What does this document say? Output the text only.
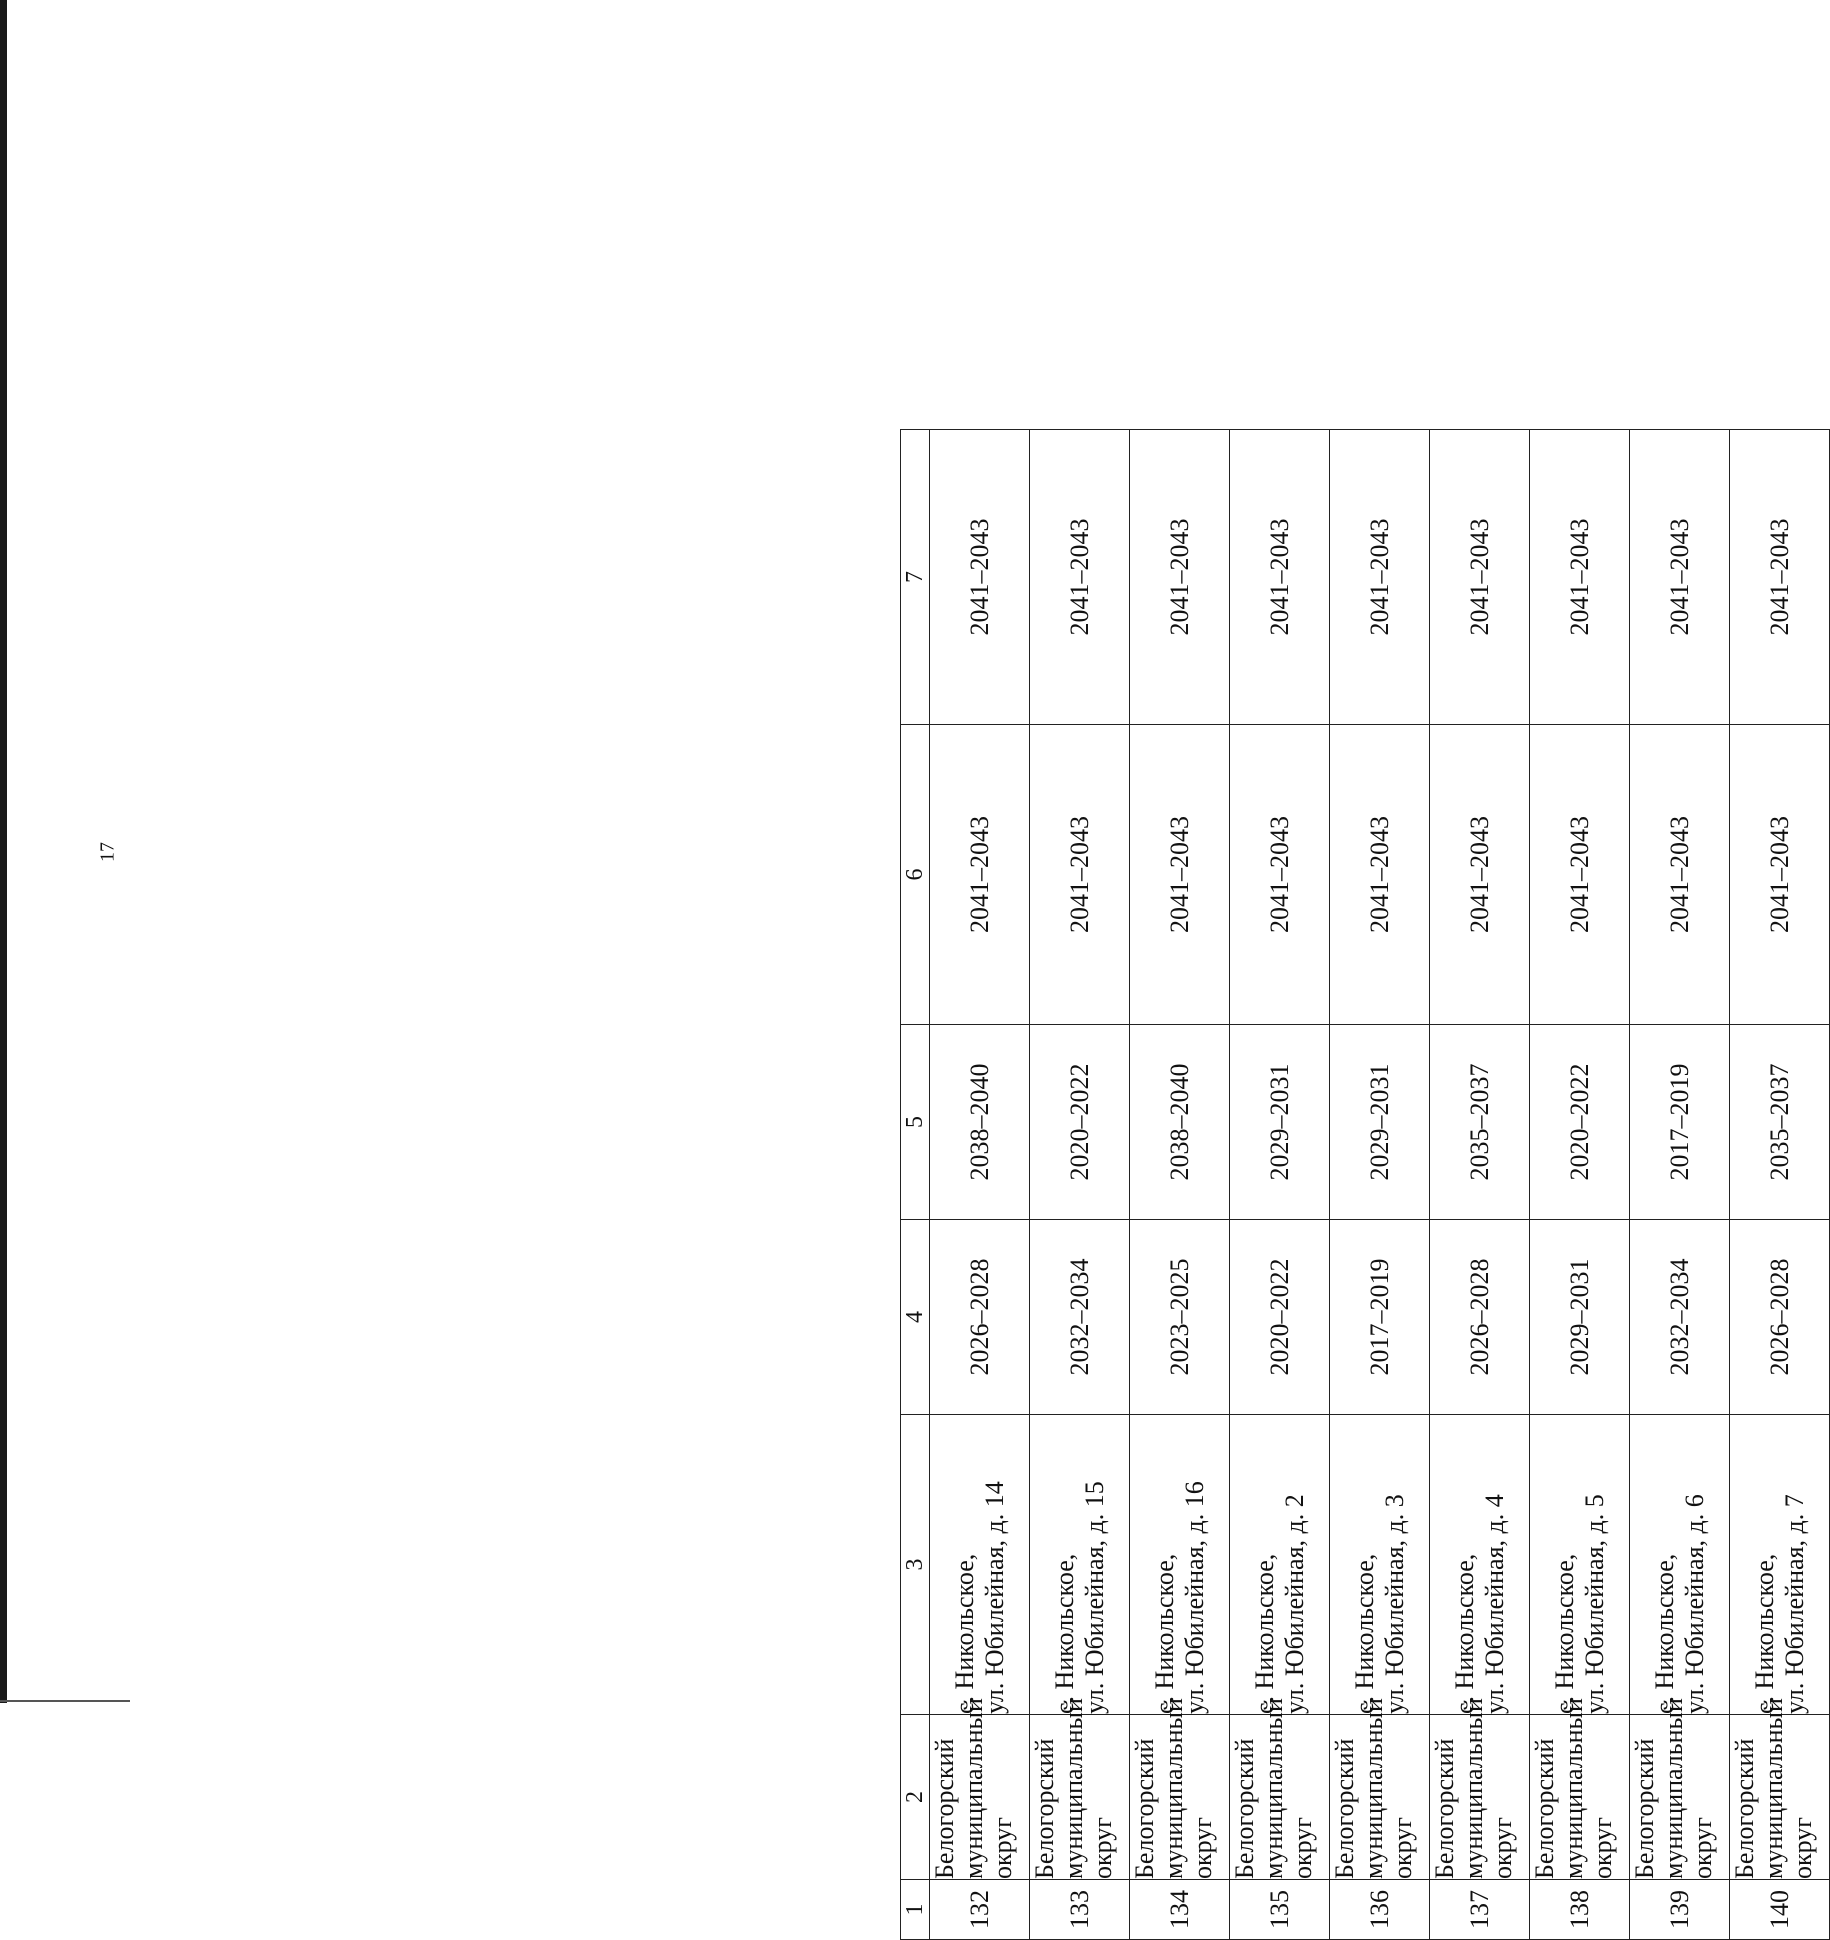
17
1	2	3	4	5	6	7
132	Белогорский муниципальный округ	с. Никольское, ул. Юбилейная, д. 14	2026–2028	2038–2040	2041–2043	2041–2043
133	Белогорский муниципальный округ	с. Никольское, ул. Юбилейная, д. 15	2032–2034	2020–2022	2041–2043	2041–2043
134	Белогорский муниципальный округ	с. Никольское, ул. Юбилейная, д. 16	2023–2025	2038–2040	2041–2043	2041–2043
135	Белогорский муниципальный округ	с. Никольское, ул. Юбилейная, д. 2	2020–2022	2029–2031	2041–2043	2041–2043
136	Белогорский муниципальный округ	с. Никольское, ул. Юбилейная, д. 3	2017–2019	2029–2031	2041–2043	2041–2043
137	Белогорский муниципальный округ	с. Никольское, ул. Юбилейная, д. 4	2026–2028	2035–2037	2041–2043	2041–2043
138	Белогорский муниципальный округ	с. Никольское, ул. Юбилейная, д. 5	2029–2031	2020–2022	2041–2043	2041–2043
139	Белогорский муниципальный округ	с. Никольское, ул. Юбилейная, д. 6	2032–2034	2017–2019	2041–2043	2041–2043
140	Белогорский муниципальный округ	с. Никольское, ул. Юбилейная, д. 7	2026–2028	2035–2037	2041–2043	2041–2043
